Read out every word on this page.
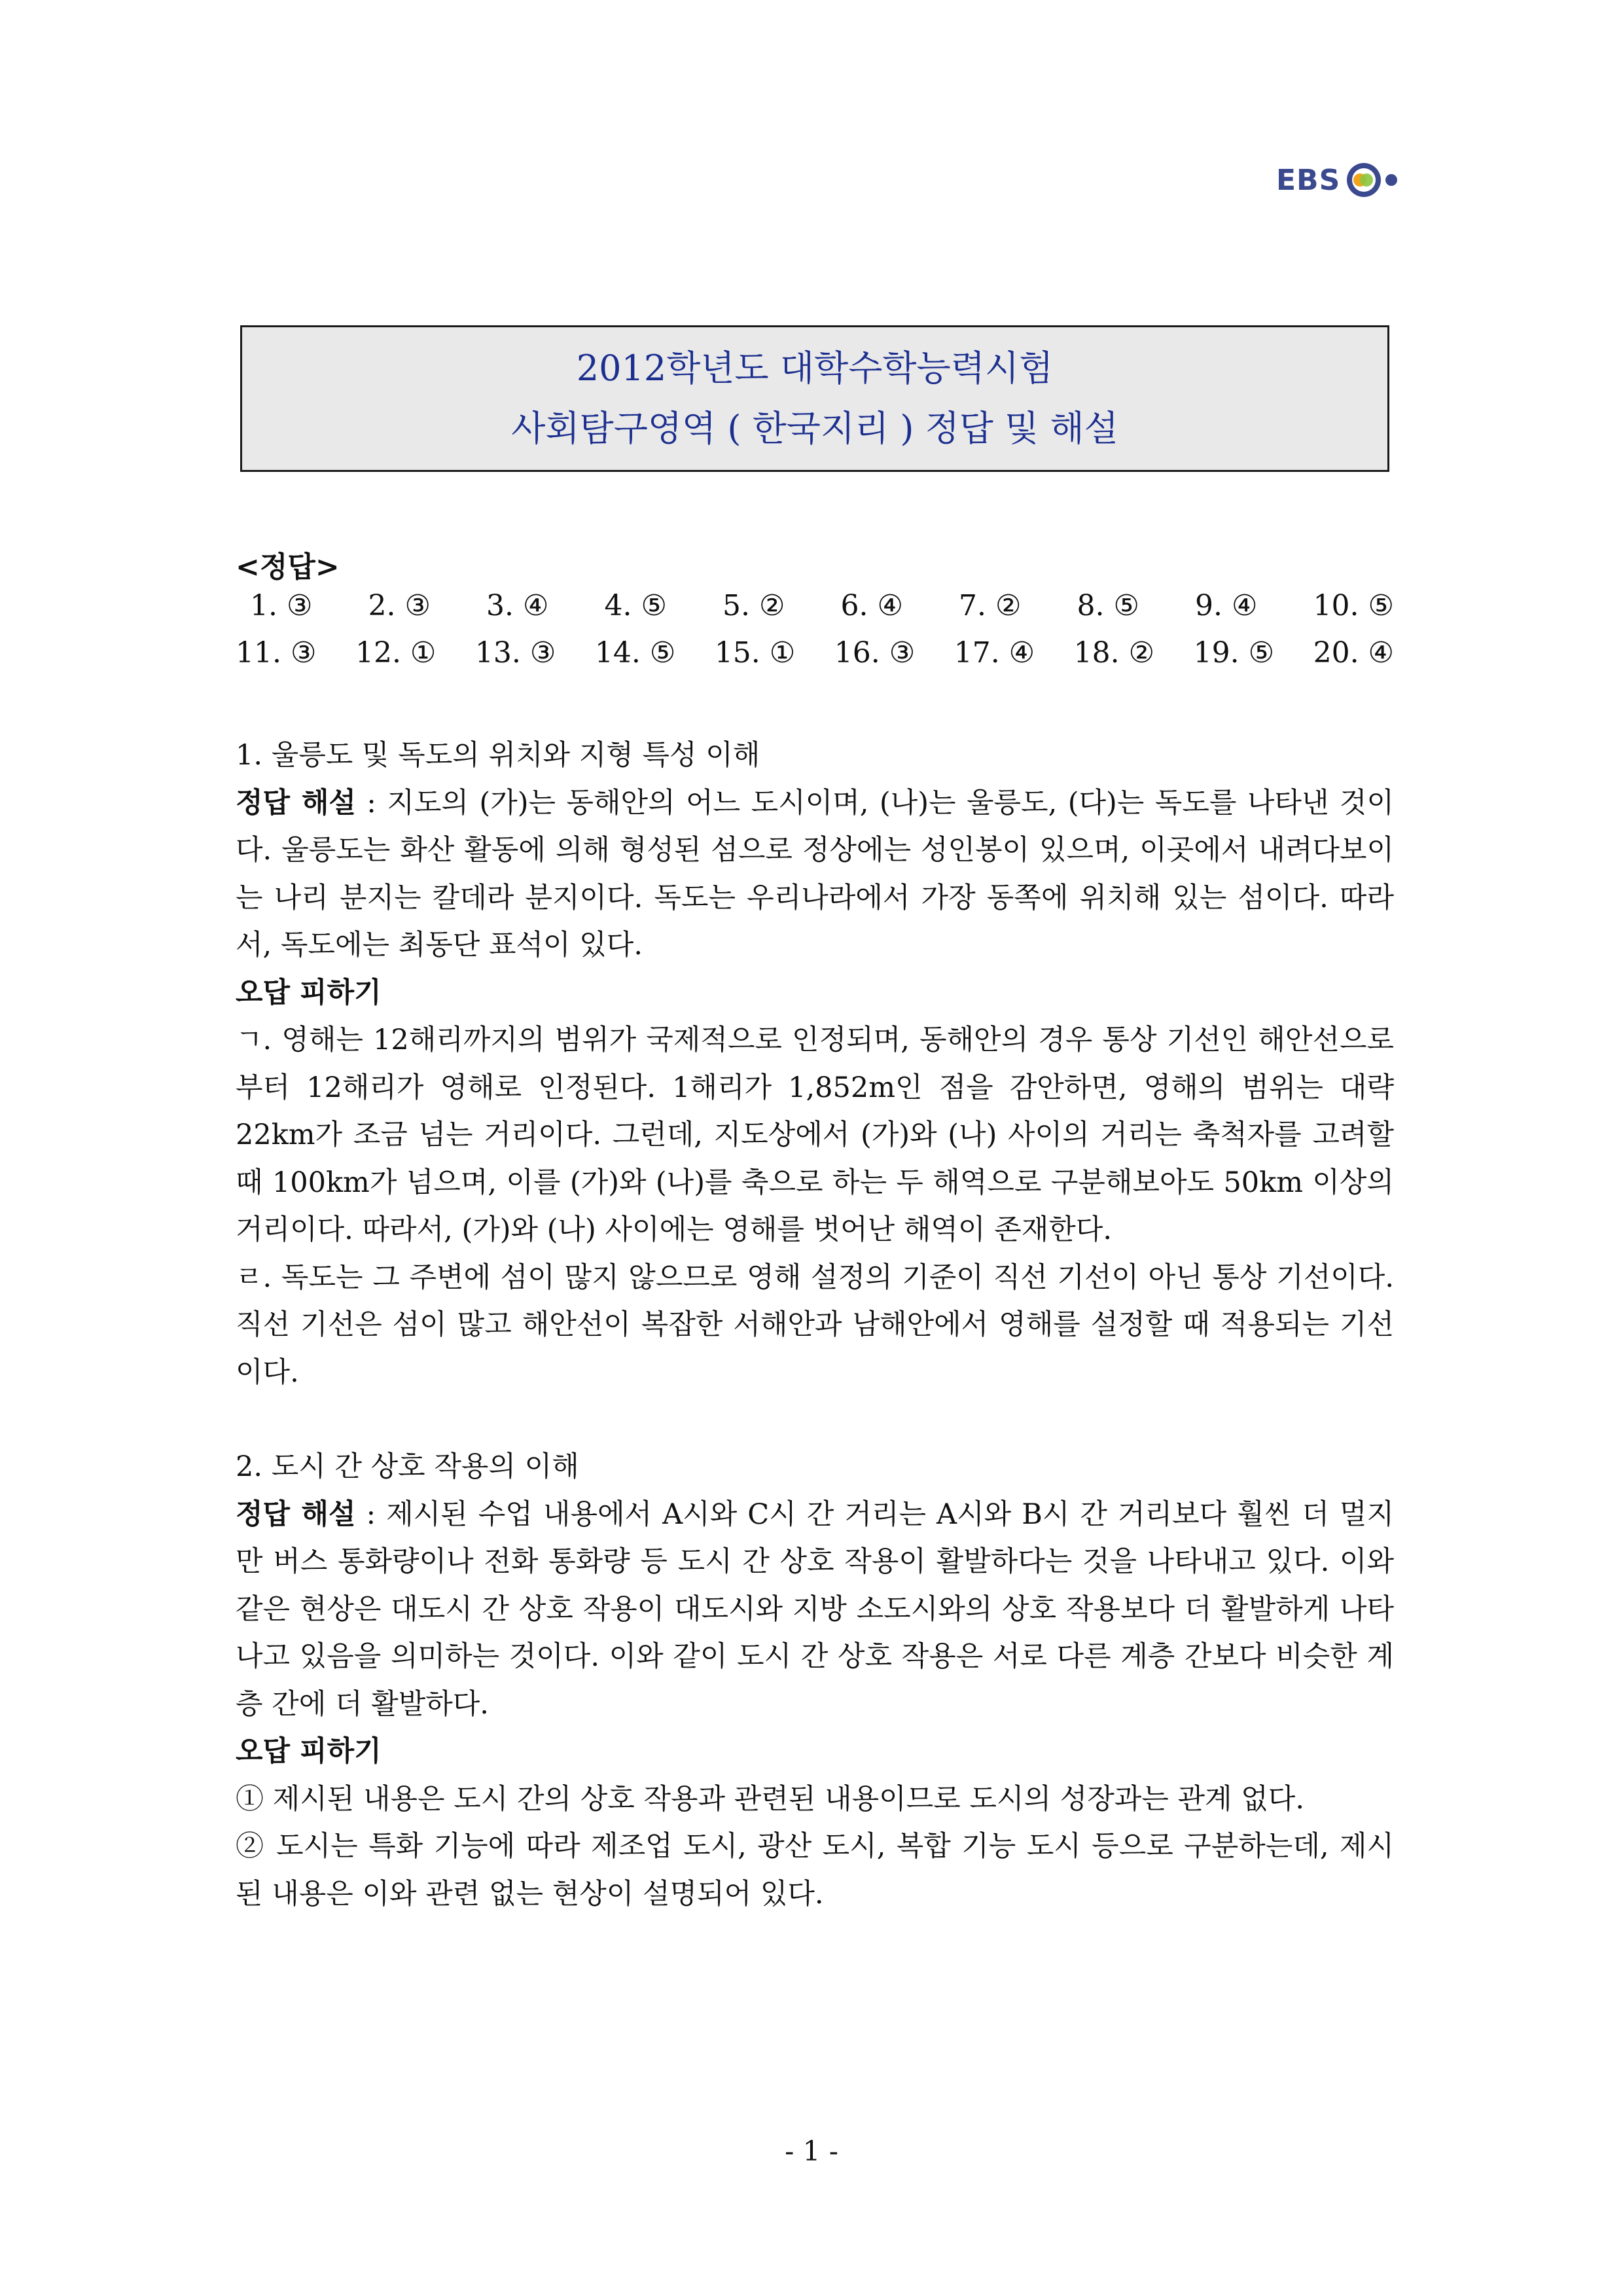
EBS
2012학년도 대학수학능력시험
사회탐구영역 ( 한국지리 ) 정답 및 해설
<정답>
1. ③ 2. ③ 3. ④ 4. ⑤ 5. ② 6. ④ 7. ② 8. ⑤ 9. ④ 10. ⑤
11. ③ 12. ① 13. ③ 14. ⑤ 15. ① 16. ③ 17. ④ 18. ② 19. ⑤ 20. ④

1. 울릉도 및 독도의 위치와 지형 특성 이해

정답 해설 : 지도의 (가)는 동해안의 어느 도시이며, (나)는 울릉도, (다)는 독도를 나타낸 것이다. 울릉도는 화산 활동에 의해 형성된 섬으로 정상에는 성인봉이 있으며, 이곳에서 내려다보이는 나리 분지는 칼데라 분지이다. 독도는 우리나라에서 가장 동쪽에 위치해 있는 섬이다. 따라서, 독도에는 최동단 표석이 있다.

오답 피하기

ㄱ. 영해는 12해리까지의 범위가 국제적으로 인정되며, 동해안의 경우 통상 기선인 해안선으로부터 12해리가 영해로 인정된다. 1해리가 1,852m인 점을 감안하면, 영해의 범위는 대략 22km가 조금 넘는 거리이다. 그런데, 지도상에서 (가)와 (나) 사이의 거리는 축척자를 고려할 때 100km가 넘으며, 이를 (가)와 (나)를 축으로 하는 두 해역으로 구분해보아도 50km 이상의 거리이다. 따라서, (가)와 (나) 사이에는 영해를 벗어난 해역이 존재한다.

ㄹ. 독도는 그 주변에 섬이 많지 않으므로 영해 설정의 기준이 직선 기선이 아닌 통상 기선이다. 직선 기선은 섬이 많고 해안선이 복잡한 서해안과 남해안에서 영해를 설정할 때 적용되는 기선이다.

2. 도시 간 상호 작용의 이해

정답 해설 : 제시된 수업 내용에서 A시와 C시 간 거리는 A시와 B시 간 거리보다 훨씬 더 멀지만 버스 통화량이나 전화 통화량 등 도시 간 상호 작용이 활발하다는 것을 나타내고 있다. 이와 같은 현상은 대도시 간 상호 작용이 대도시와 지방 소도시와의 상호 작용보다 더 활발하게 나타나고 있음을 의미하는 것이다. 이와 같이 도시 간 상호 작용은 서로 다른 계층 간보다 비슷한 계층 간에 더 활발하다.

오답 피하기

① 제시된 내용은 도시 간의 상호 작용과 관련된 내용이므로 도시의 성장과는 관계 없다.

② 도시는 특화 기능에 따라 제조업 도시, 광산 도시, 복합 기능 도시 등으로 구분하는데, 제시된 내용은 이와 관련 없는 현상이 설명되어 있다.

- 1 -
